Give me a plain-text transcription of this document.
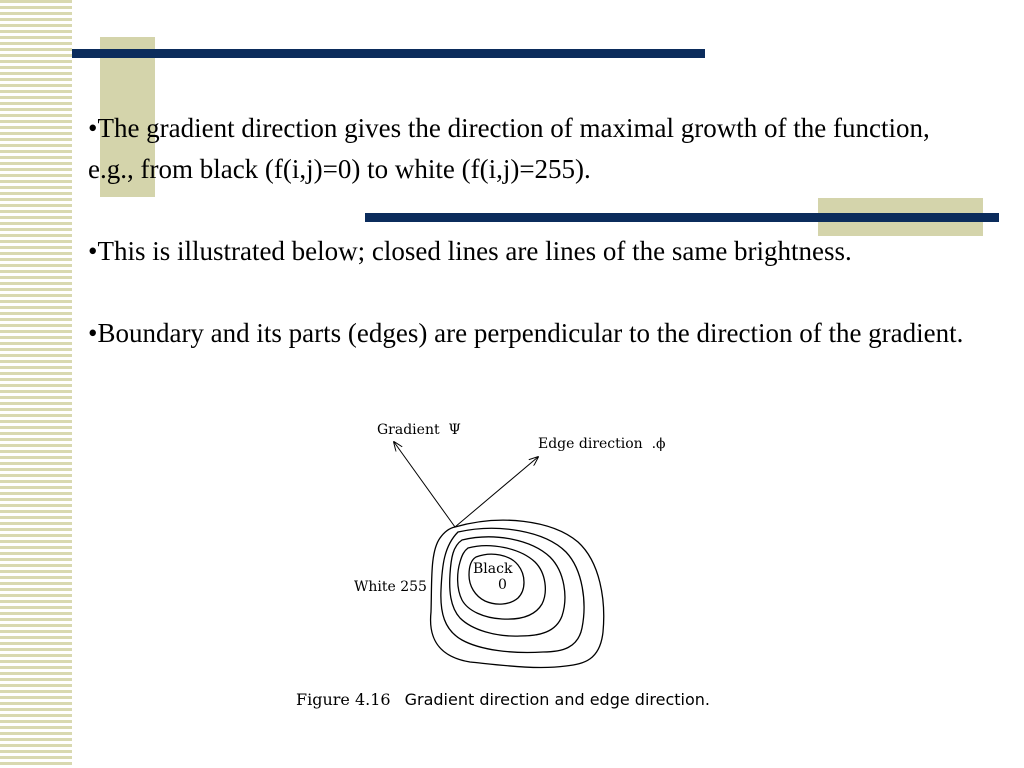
•The gradient direction gives the direction of maximal growth of the function, e.g., from black (f(i,j)=0) to white (f(i,j)=255).

•This is illustrated below; closed lines are lines of the same brightness.

•Boundary and its parts (edges) are perpendicular to the direction of the gradient.

Gradient Ψ
Edge direction .ϕ
White 255
Black
0
Figure 4.16 Gradient direction and edge direction.
